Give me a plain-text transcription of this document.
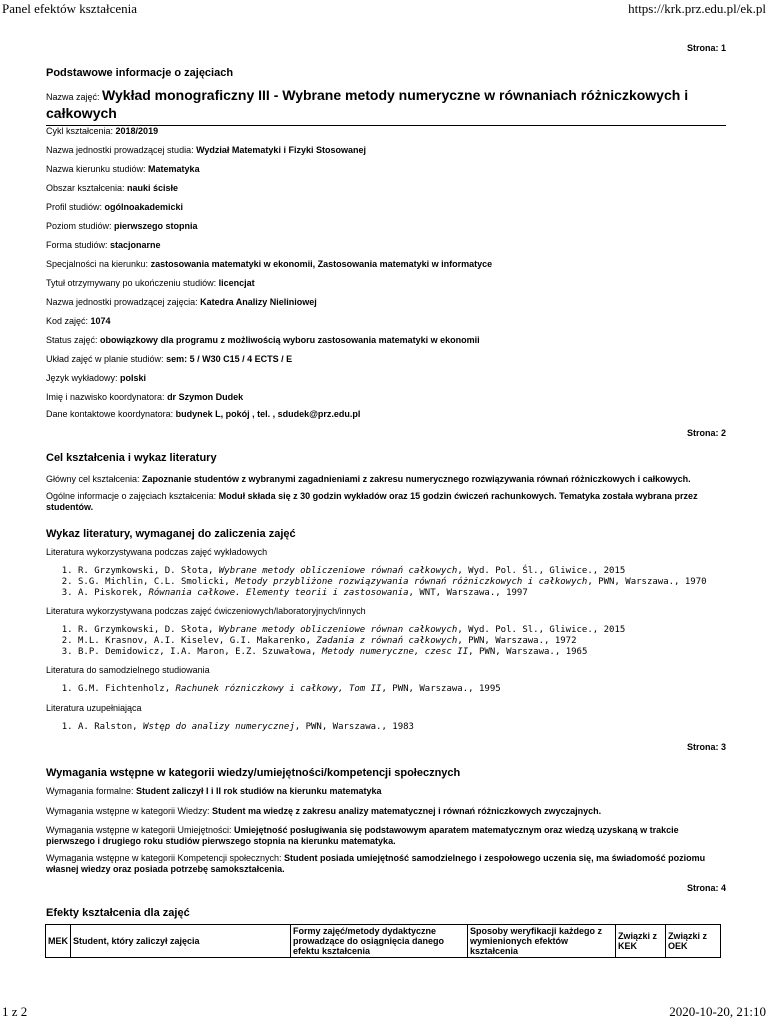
Panel efektów kształcenia	https://krk.prz.edu.pl/ek.pl
Strona: 1
Podstawowe informacje o zajęciach
Nazwa zajęć: Wykład monograficzny III - Wybrane metody numeryczne w równaniach różniczkowych i całkowych
Cykl kształcenia: 2018/2019
Nazwa jednostki prowadzącej studia: Wydział Matematyki i Fizyki Stosowanej
Nazwa kierunku studiów: Matematyka
Obszar kształcenia: nauki ścisłe
Profil studiów: ogólnoakademicki
Poziom studiów: pierwszego stopnia
Forma studiów: stacjonarne
Specjalności na kierunku: zastosowania matematyki w ekonomii, Zastosowania matematyki w informatyce
Tytuł otrzymywany po ukończeniu studiów: licencjat
Nazwa jednostki prowadzącej zajęcia: Katedra Analizy Nieliniowej
Kod zajęć: 1074
Status zajęć: obowiązkowy dla programu z możliwością wyboru zastosowania matematyki w ekonomii
Układ zajęć w planie studiów: sem: 5 / W30 C15 / 4 ECTS / E
Język wykładowy: polski
Imię i nazwisko koordynatora: dr Szymon Dudek
Dane kontaktowe koordynatora: budynek L, pokój , tel. , sdudek@prz.edu.pl
Strona: 2
Cel kształcenia i wykaz literatury
Główny cel kształcenia: Zapoznanie studentów z wybranymi zagadnieniami z zakresu numerycznego rozwiązywania równań różniczkowych i całkowych.
Ogólne informacje o zajęciach kształcenia: Moduł składa się z 30 godzin wykładów oraz 15 godzin ćwiczeń rachunkowych. Tematyka została wybrana przez studentów.
Wykaz literatury, wymaganej do zaliczenia zajęć
Literatura wykorzystywana podczas zajęć wykładowych
1. R. Grzymkowski, D. Słota, Wybrane metody obliczeniowe równań całkowych, Wyd. Pol. Śl., Gliwice., 2015
2. S.G. Michlin, C.L. Smolicki, Metody przybliżone rozwiązywania równań różniczkowych i całkowych, PWN, Warszawa., 1970
3. A. Piskorek, Równania całkowe. Elementy teorii i zastosowania, WNT, Warszawa., 1997
Literatura wykorzystywana podczas zajęć ćwiczeniowych/laboratoryjnych/innych
1. R. Grzymkowski, D. Słota, Wybrane metody obliczeniowe równan całkowych, Wyd. Pol. Sl., Gliwice., 2015
2. M.L. Krasnov, A.I. Kiselev, G.I. Makarenko, Zadania z równań całkowych, PWN, Warszawa., 1972
3. B.P. Demidowicz, I.A. Maron, E.Z. Szuwałowa, Metody numeryczne, czesc II, PWN, Warszawa., 1965
Literatura do samodzielnego studiowania
1. G.M. Fichtenholz, Rachunek rózniczkowy i całkowy, Tom II, PWN, Warszawa., 1995
Literatura uzupełniająca
1. A. Ralston, Wstęp do analizy numerycznej, PWN, Warszawa., 1983
Strona: 3
Wymagania wstępne w kategorii wiedzy/umiejętności/kompetencji społecznych
Wymagania formalne: Student zaliczył I i II rok studiów na kierunku matematyka
Wymagania wstępne w kategorii Wiedzy: Student ma wiedzę z zakresu analizy matematycznej i równań różniczkowych zwyczajnych.
Wymagania wstępne w kategorii Umiejętności: Umiejętność posługiwania się podstawowym aparatem matematycznym oraz wiedzą uzyskaną w trakcie pierwszego i drugiego roku studiów pierwszego stopnia na kierunku matematyka.
Wymagania wstępne w kategorii Kompetencji społecznych: Student posiada umiejętność samodzielnego i zespołowego uczenia się, ma świadomość poziomu własnej wiedzy oraz posiada potrzebę samokształcenia.
Strona: 4
Efekty kształcenia dla zajęć
MEK	Student, który zaliczył zajęcia	Formy zajęć/metody dydaktyczne prowadzące do osiągnięcia danego efektu kształcenia	Sposoby weryfikacji każdego z wymienionych efektów kształcenia	Związki z KEK	Związki z OEK
1 z 2	2020-10-20, 21:10
